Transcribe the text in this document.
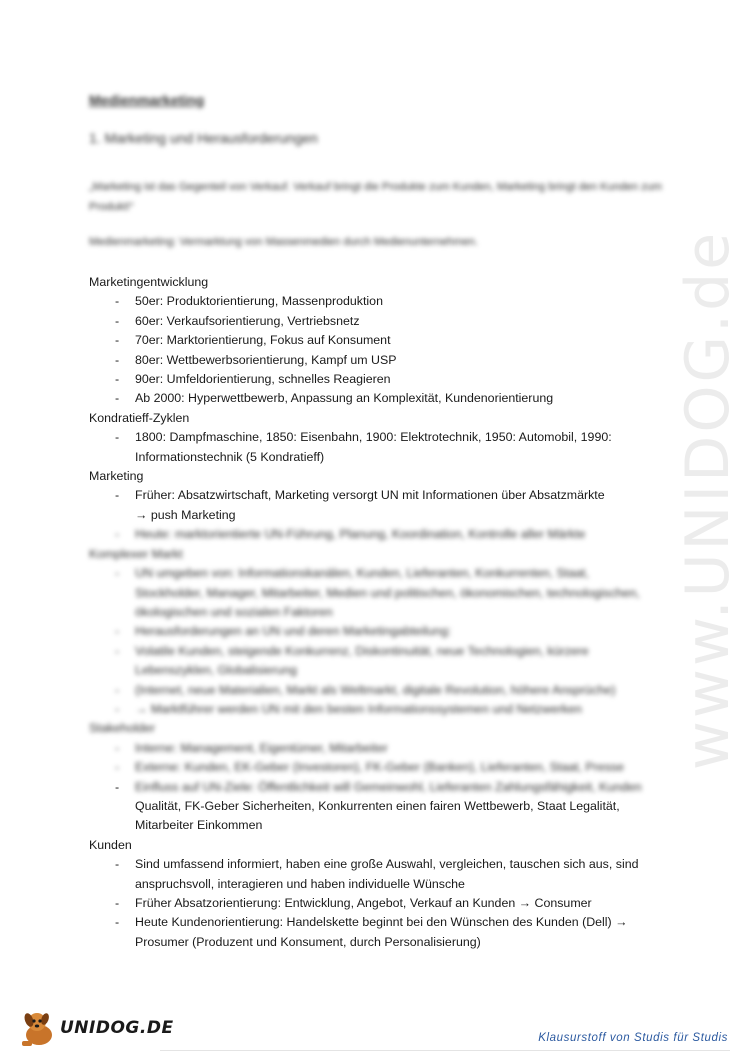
www.UNIDOG.de
Medienmarketing
1. Marketing und Herausforderungen
„Marketing ist das Gegenteil von Verkauf. Verkauf bringt die Produkte zum Kunden, Marketing bringt den Kunden zum Produkt!“
Medienmarketing: Vermarktung von Massenmedien durch Medienunternehmen.
Marketingentwicklung
- 50er: Produktorientierung, Massenproduktion
- 60er: Verkaufsorientierung, Vertriebsnetz
- 70er: Marktorientierung, Fokus auf Konsument
- 80er: Wettbewerbsorientierung, Kampf um USP
- 90er: Umfeldorientierung, schnelles Reagieren
- Ab 2000: Hyperwettbewerb, Anpassung an Komplexität, Kundenorientierung
Kondratieff-Zyklen
- 1800: Dampfmaschine, 1850: Eisenbahn, 1900: Elektrotechnik, 1950: Automobil, 1990: Informationstechnik (5 Kondratieff)
Marketing
- Früher: Absatzwirtschaft, Marketing versorgt UN mit Informationen über Absatzmärkte
→ push Marketing
- Heute: marktorientierte UN-Führung, Planung, Koordination, Kontrolle aller Märkte
Komplexer Markt
- UN umgeben von: Informationskanälen, Kunden, Lieferanten, Konkurrenten, Staat, Stockholder, Manager, Mitarbeiter, Medien und politischen, ökonomischen, technologischen, ökologischen und sozialen Faktoren
- Herausforderungen an UN und deren Marketingabteilung:
- Volatile Kunden, steigende Konkurrenz, Diskontinuität, neue Technologien, kürzere Lebenszyklen, Globalisierung
- (Internet, neue Materialien, Markt als Weltmarkt, digitale Revolution, höhere Ansprüche)
- → Marktführer werden UN mit den besten Informationssystemen und Netzwerken
Stakeholder
- Interne: Management, Eigentümer, Mitarbeiter
- Externe: Kunden, EK-Geber (Investoren), FK-Geber (Banken), Lieferanten, Staat, Presse
- Einfluss auf UN-Ziele: Öffentlichkeit will Gemeinwohl, Lieferanten Zahlungsfähigkeit, Kunden
Qualität, FK-Geber Sicherheiten, Konkurrenten einen fairen Wettbewerb, Staat Legalität,
Mitarbeiter Einkommen
Kunden
- Sind umfassend informiert, haben eine große Auswahl, vergleichen, tauschen sich aus, sind anspruchsvoll, interagieren und haben individuelle Wünsche
- Früher Absatzorientierung: Entwicklung, Angebot, Verkauf an Kunden → Consumer
- Heute Kundenorientierung: Handelskette beginnt bei den Wünschen des Kunden (Dell) → Prosumer (Produzent und Konsument, durch Personalisierung)
UNIDOG.DE	Klausurstoff von Studis für Studis
